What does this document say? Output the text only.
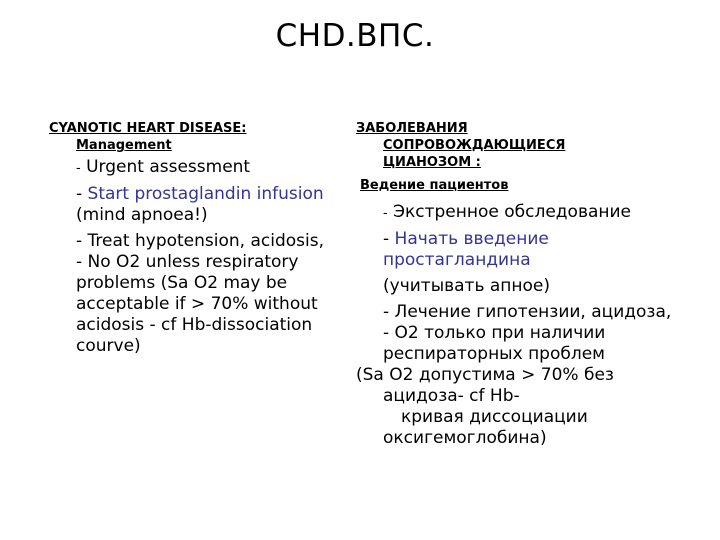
CHD.ВПС.
CYANOTIC HEART DISEASE:
Management
- Urgent assessment
- Start prostaglandin infusion (mind apnoea!)
- Treat hypotension, acidosis,
- No O2 unless respiratory problems (Sa O2 may be acceptable if > 70% without acidosis - cf Hb-dissociation courve)
ЗАБОЛЕВАНИЯ
СОПРОВОЖДАЮЩИЕСЯ
ЦИАНОЗОМ :
Ведение пациентов
- Экстренное обследование
- Начать введение простагландина
(учитывать апное)
- Лечение гипотензии, ацидоза,
- О2 только при наличии респираторных проблем
(Sa O2 допустима > 70% без ацидоза- cf Hb-
кривая диссоциации
оксигемоглобина)
